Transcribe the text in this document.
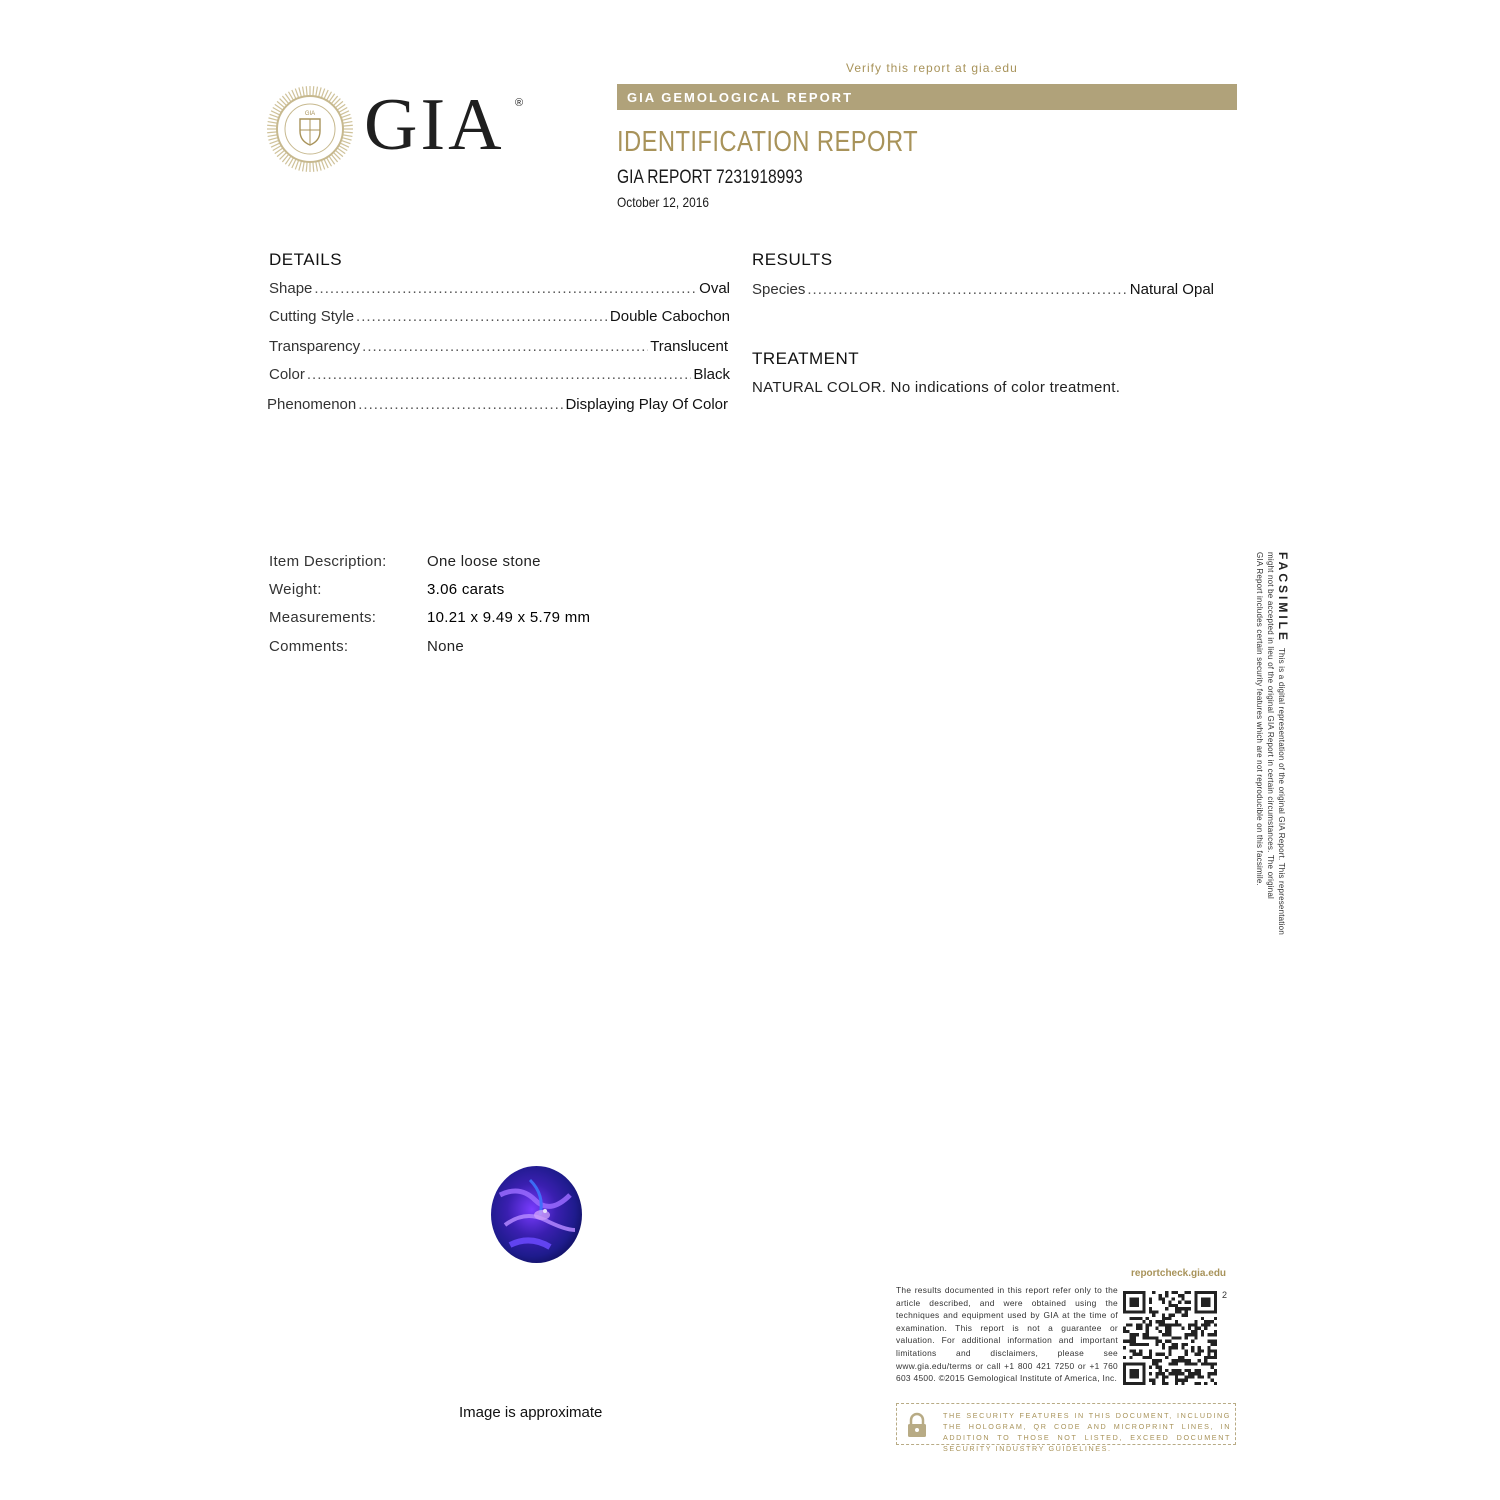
Verify this report at gia.edu
GIA GEMOLOGICAL REPORT
IDENTIFICATION REPORT
GIA REPORT 7231918993
October 12, 2016
GIA GIA ®
DETAILS
Shape .....	Oval
Cutting Style .....	Double Cabochon
Transparency .....	Translucent
Color .....	Black
Phenomenon .....	Displaying Play Of Color
RESULTS
Species .....	Natural Opal
TREATMENT
NATURAL COLOR. No indications of color treatment.
Item Description:	One loose stone
Weight:	3.06 carats
Measurements:	10.21 x 9.49 x 5.79 mm
Comments:	None
FACSIMILE  This is a digital representation of the original GIA Report. This representation
might not be accepted in lieu of the original GIA Report in certain circumstances. The original
GIA Report includes certain security features which are not reproducible on this facsimile.
Image is approximate
reportcheck.gia.edu
The results documented in this report refer only to the article described, and were obtained using the techniques and equipment used by GIA at the time of examination. This report is not a guarantee or valuation. For additional information and important limitations and disclaimers, please see www.gia.edu/terms or call +1 800 421 7250 or +1 760 603 4500. ©2015 Gemological Institute of America, Inc.
2
THE SECURITY FEATURES IN THIS DOCUMENT, INCLUDING THE HOLOGRAM, QR CODE AND MICROPRINT LINES, IN ADDITION TO THOSE NOT LISTED, EXCEED DOCUMENT SECURITY INDUSTRY GUIDELINES.
